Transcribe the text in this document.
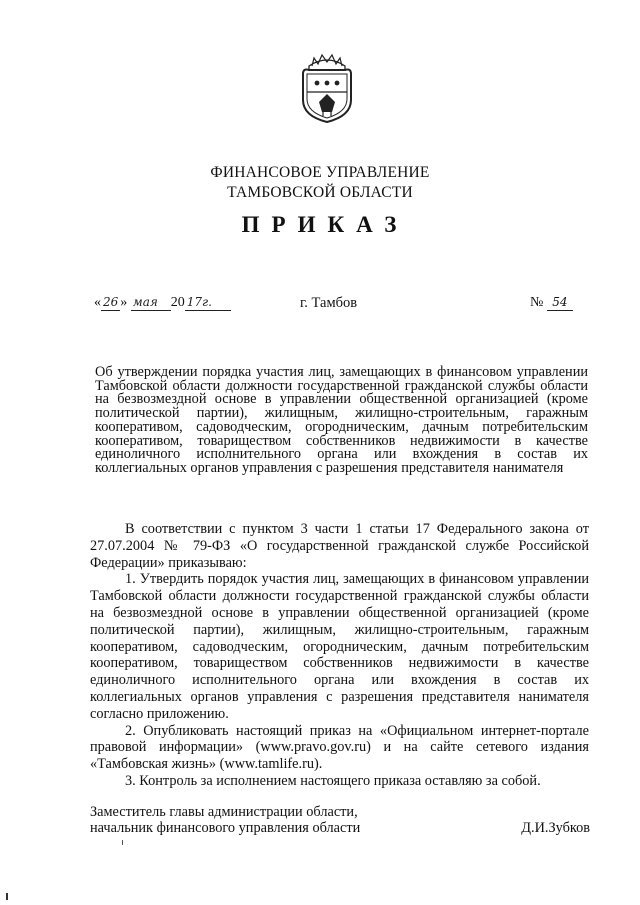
ФИНАНСОВОЕ УПРАВЛЕНИЕ
ТАМБОВСКОЙ ОБЛАСТИ
ПРИКАЗ
« 26 » мая 20 17г.	г. Тамбов	№ 54
Об утверждении порядка участия лиц, замещающих в финансовом управлении Тамбовской области должности государственной гражданской службы области на безвозмездной основе в управлении общественной организацией (кроме политической партии), жилищным, жилищно-строительным, гаражным кооперативом, садоводческим, огородническим, дачным потребительским кооперативом, товариществом собственников недвижимости в качестве единоличного исполнительного органа или вхождения в состав их коллегиальных органов управления с разрешения представителя нанимателя

В соответствии с пунктом 3 части 1 статьи 17 Федерального закона от 27.07.2004 № 79-ФЗ «О государственной гражданской службе Российской Федерации» приказываю:

1. Утвердить порядок участия лиц, замещающих в финансовом управлении Тамбовской области должности государственной гражданской службы области на безвозмездной основе в управлении общественной организацией (кроме политической партии), жилищным, жилищно-строительным, гаражным кооперативом, садоводческим, огородническим, дачным потребительским кооперативом, товариществом собственников недвижимости в качестве единоличного исполнительного органа или вхождения в состав их коллегиальных органов управления с разрешения представителя нанимателя согласно приложению.

2. Опубликовать настоящий приказ на «Официальном интернет-портале правовой информации» (www.pravo.gov.ru) и на сайте сетевого издания «Тамбовская жизнь» (www.tamlife.ru).

3. Контроль за исполнением настоящего приказа оставляю за собой.

Заместитель главы администрации области,
начальник финансового управления области	Д.И.Зубков
